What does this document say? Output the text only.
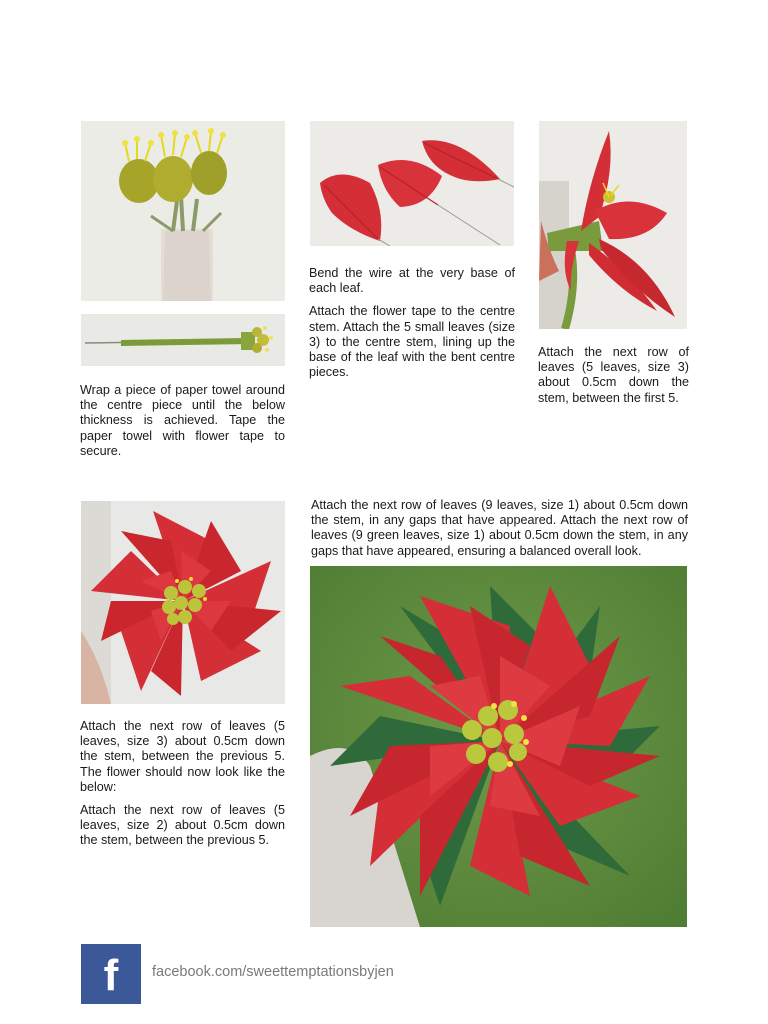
Wrap a piece of paper towel around the centre piece until the below thickness is achieved. Tape the paper towel with flower tape to secure.

Bend the wire at the very base of each leaf.

Attach the flower tape to the centre stem. Attach the 5 small leaves (size 3) to the centre stem, lining up the base of the leaf with the bent centre pieces.

Attach the next row of leaves (5 leaves, size 3) about 0.5cm down the stem, between the first 5.

Attach the next row of leaves (9 leaves, size 1) about 0.5cm down the stem, in any gaps that have appeared. Attach the next row of leaves (9 green leaves, size 1) about 0.5cm down the stem, in any gaps that have appeared, ensuring a balanced overall look.

Attach the next row of leaves (5 leaves, size 3) about 0.5cm down the stem, between the previous 5. The flower should now look like the below:

Attach the next row of leaves (5 leaves, size 2) about 0.5cm down the stem, between the previous 5.

f	facebook.com/sweettemptationsbyjen
